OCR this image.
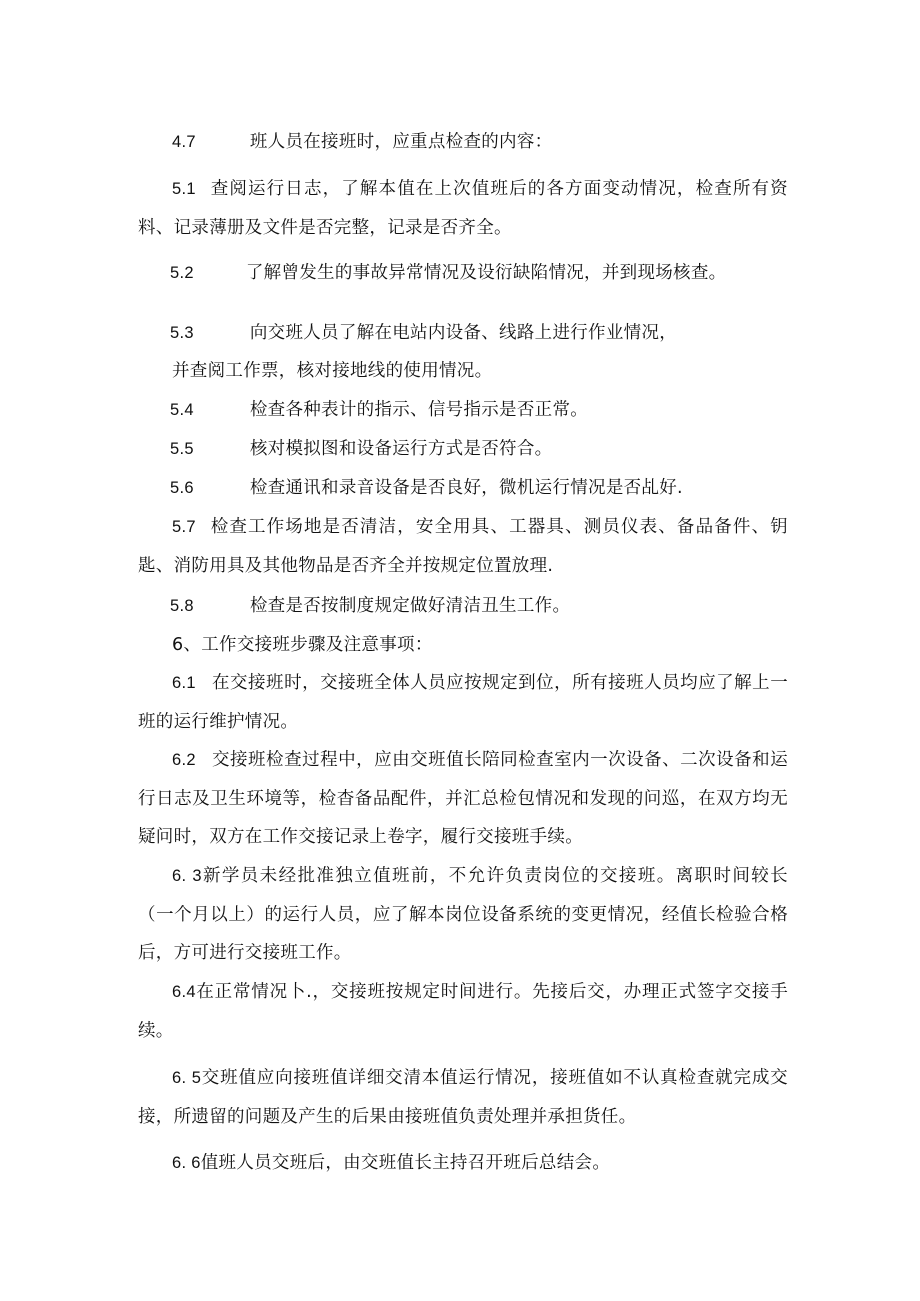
4.7	班人员在接班时，应重点检查的内容：
5.1 查阅运行日志，了解本值在上次值班后的各方面变动情况，检查所有资料、记录薄册及文件是否完整，记录是否齐全。
5.2	了解曾发生的事故异常情况及设衍缺陷情况，并到现场核查。
5.3	向交班人员了解在电站内设备、线路上进行作业情况，
并查阅工作票，核对接地线的使用情况。
5.4	检查各种表计的指示、信号指示是否正常。
5.5	核对模拟图和设备运行方式是否符合。
5.6	检查通讯和录音设备是否良好，微机运行情况是否乩好.
5.7 检查工作场地是否清洁，安全用具、工器具、测员仪表、备品备件、钥匙、消防用具及其他物品是否齐全并按规定位置放理.
5.8	检查是否按制度规定做好清洁丑生工作。
6、工作交接班步骤及注意事项：
6.1 在交接班时，交接班全体人员应按规定到位，所有接班人员均应了解上一班的运行维护情况。
6.2 交接班检查过程中，应由交班值长陪同检查室内一次设备、二次设备和运行日志及卫生环境等，检杳备品配件，并汇总检包情况和发现的问巡，在双方均无疑问时，双方在工作交接记录上卷字，履行交接班手续。
6. 3新学员未经批准独立值班前，不允许负责岗位的交接班。离职时间较长（一个月以上）的运行人员，应了解本岗位设备系统的变更情况，经值长检验合格后，方可进行交接班工作。
6.4在正常情况卜.，交接班按规定时间进行。先接后交，办理正式签字交接手续。
6. 5交班值应向接班值详细交清本值运行情况，接班值如不认真检查就完成交接，所遗留的问题及产生的后果由接班值负责处理并承担货任。
6. 6值班人员交班后，由交班值长主持召开班后总结会。
